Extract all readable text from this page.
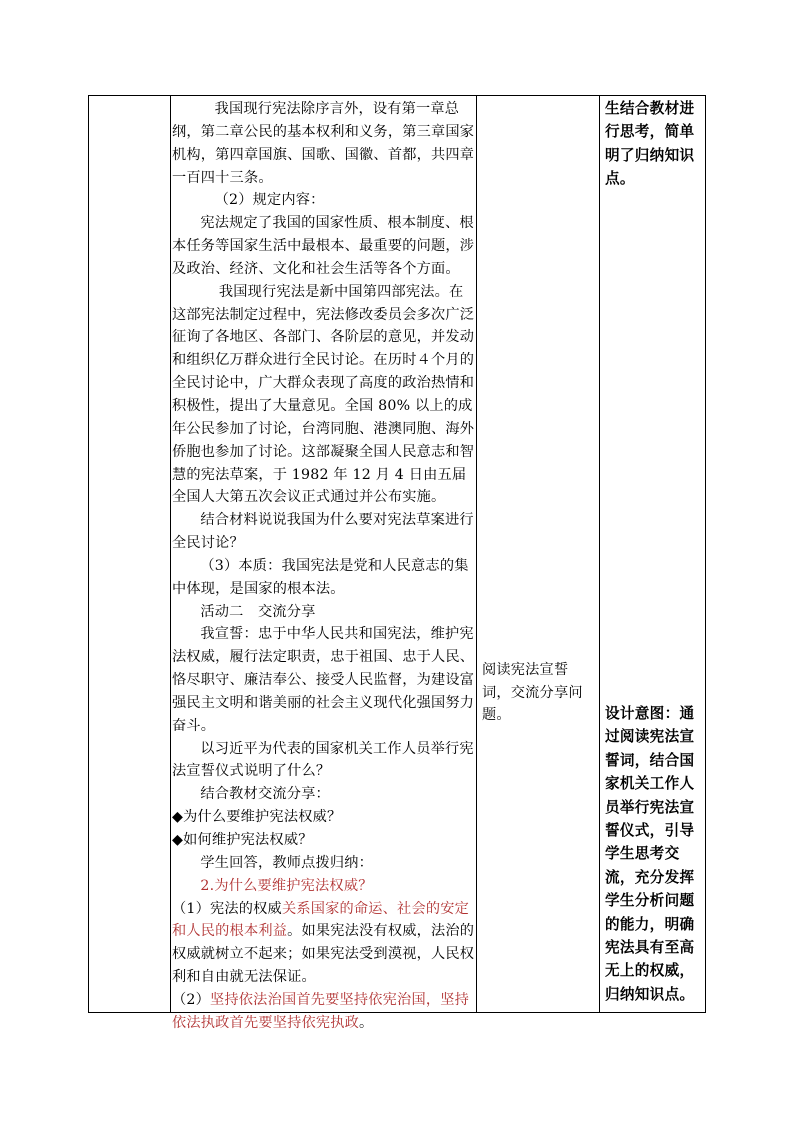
我国现行宪法除序言外，设有第一章总纲，第二章公民的基本权利和义务，第三章国家机构，第四章国旗、国歌、国徽、首都，共四章一百四十三条。

（2）规定内容：

宪法规定了我国的国家性质、根本制度、根本任务等国家生活中最根本、最重要的问题，涉及政治、经济、文化和社会生活等各个方面。

我国现行宪法是新中国第四部宪法。在这部宪法制定过程中，宪法修改委员会多次广泛征询了各地区、各部门、各阶层的意见，并发动和组织亿万群众进行全民讨论。在历时４个月的全民讨论中，广大群众表现了高度的政治热情和积极性，提出了大量意见。全国 80% 以上的成年公民参加了讨论，台湾同胞、港澳同胞、海外侨胞也参加了讨论。这部凝聚全国人民意志和智慧的宪法草案，于 1982 年 12 月 4 日由五届全国人大第五次会议正式通过并公布实施。

结合材料说说我国为什么要对宪法草案进行全民讨论？

（3）本质：我国宪法是党和人民意志的集中体现，是国家的根本法。

活动二　交流分享

我宣誓：忠于中华人民共和国宪法，维护宪法权威，履行法定职责，忠于祖国、忠于人民、恪尽职守、廉洁奉公、接受人民监督，为建设富强民主文明和谐美丽的社会主义现代化强国努力奋斗。

以习近平为代表的国家机关工作人员举行宪法宣誓仪式说明了什么？

结合教材交流分享：

◆为什么要维护宪法权威？

◆如何维护宪法权威？

学生回答，教师点拨归纳：

2.为什么要维护宪法权威？

（1）宪法的权威关系国家的命运、社会的安定和人民的根本利益。如果宪法没有权威，法治的权威就树立不起来；如果宪法受到漠视，人民权利和自由就无法保证。

（2）坚持依法治国首先要坚持依宪治国，坚持依法执政首先要坚持依宪执政。

阅读宪法宣誓词，交流分享问题。

生结合教材进行思考，简单明了归纳知识点。

设计意图：通过阅读宪法宣誓词，结合国家机关工作人员举行宪法宣誓仪式，引导学生思考交流，充分发挥学生分析问题的能力，明确宪法具有至高无上的权威，归纳知识点。
